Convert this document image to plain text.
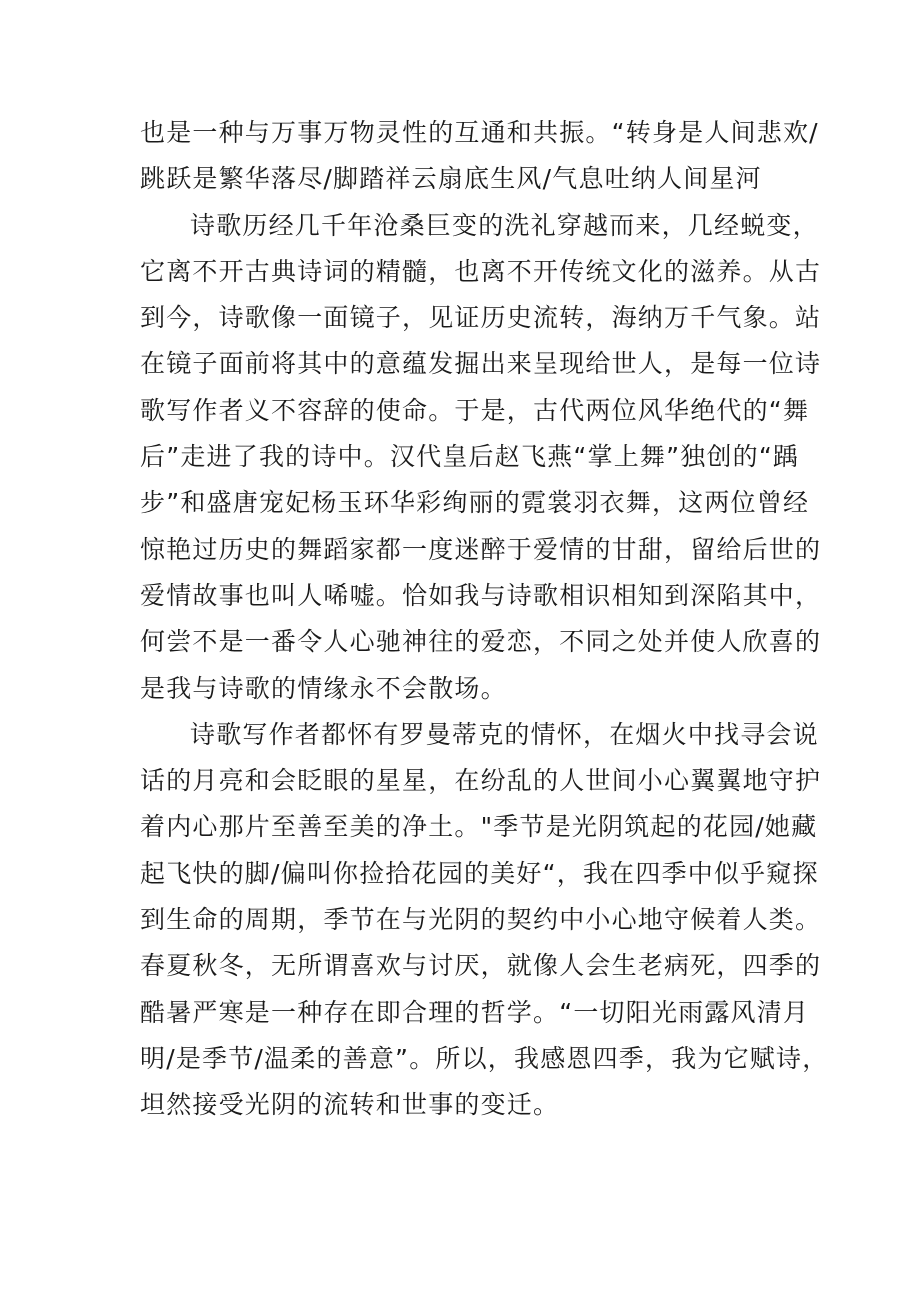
也是一种与万事万物灵性的互通和共振。“转身是人间悲欢/
跳跃是繁华落尽/脚踏祥云扇底生风/气息吐纳人间星河
诗歌历经几千年沧桑巨变的洗礼穿越而来，几经蜕变，
它离不开古典诗词的精髓，也离不开传统文化的滋养。从古
到今，诗歌像一面镜子，见证历史流转，海纳万千气象。站
在镜子面前将其中的意蕴发掘出来呈现给世人，是每一位诗
歌写作者义不容辞的使命。于是，古代两位风华绝代的“舞
后”走进了我的诗中。汉代皇后赵飞燕“掌上舞”独创的“踽
步”和盛唐宠妃杨玉环华彩绚丽的霓裳羽衣舞，这两位曾经
惊艳过历史的舞蹈家都一度迷醉于爱情的甘甜，留给后世的
爱情故事也叫人唏嘘。恰如我与诗歌相识相知到深陷其中，
何尝不是一番令人心驰神往的爱恋，不同之处并使人欣喜的
是我与诗歌的情缘永不会散场。
诗歌写作者都怀有罗曼蒂克的情怀，在烟火中找寻会说
话的月亮和会眨眼的星星，在纷乱的人世间小心翼翼地守护
着内心那片至善至美的净土。"季节是光阴筑起的花园/她藏
起飞快的脚/偏叫你捡拾花园的美好“，我在四季中似乎窥探
到生命的周期，季节在与光阴的契约中小心地守候着人类。
春夏秋冬，无所谓喜欢与讨厌，就像人会生老病死，四季的
酷暑严寒是一种存在即合理的哲学。“一切阳光雨露风清月
明/是季节/温柔的善意”。所以，我感恩四季，我为它赋诗，
坦然接受光阴的流转和世事的变迁。
